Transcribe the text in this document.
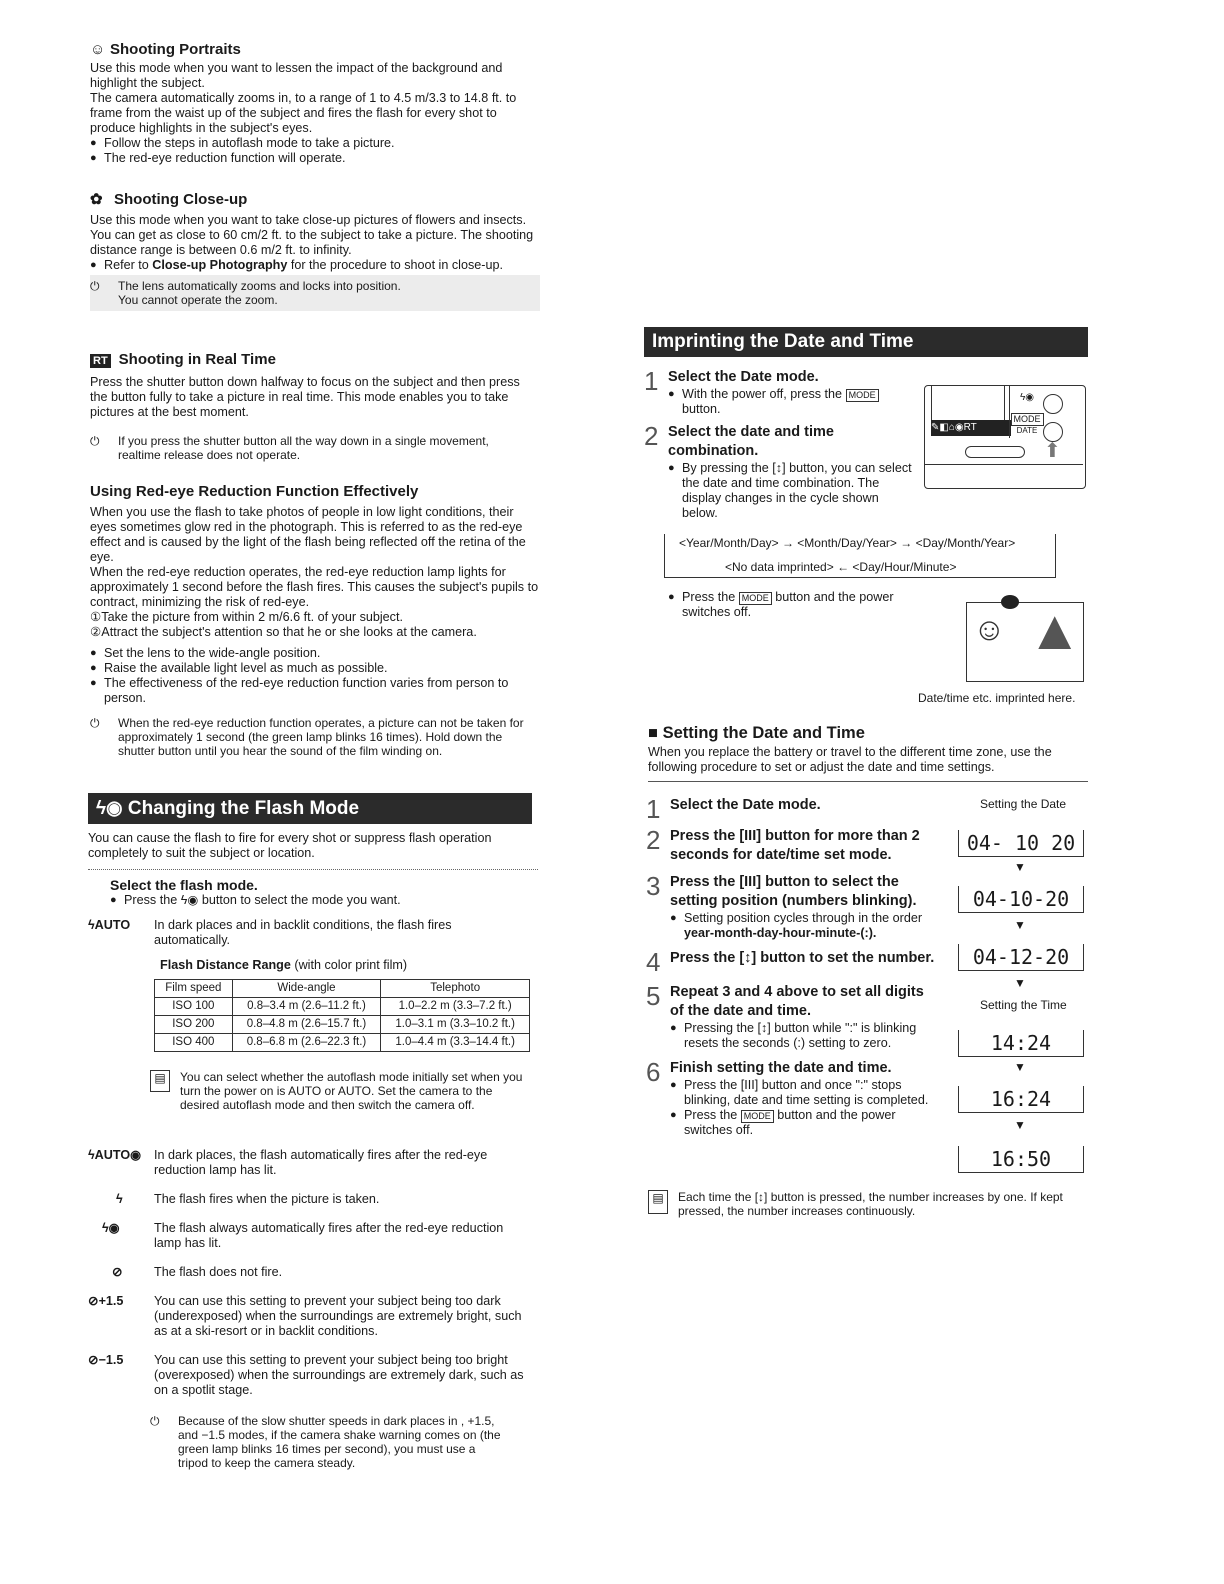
☺ Shooting Portraits

Use this mode when you want to lessen the impact of the background and highlight the subject.

The camera automatically zooms in, to a range of 1 to 4.5 m/3.3 to 14.8 ft. to frame from the waist up of the subject and fires the flash for every shot to produce highlights in the subject's eyes.

● Follow the steps in autoflash mode to take a picture.
● The red-eye reduction function will operate.
✿ Shooting Close-up

Use this mode when you want to take close-up pictures of flowers and insects.

You can get as close to 60 cm/2 ft. to the subject to take a picture. The shooting distance range is between 0.6 m/2 ft. to infinity.

● Refer to Close-up Photography for the procedure to shoot in close-up.
⏻	The lens automatically zooms and locks into position.
You cannot operate the zoom.
RT Shooting in Real Time

Press the shutter button down halfway to focus on the subject and then press the button fully to take a picture in real time. This mode enables you to take pictures at the best moment.

⏻	If you press the shutter button all the way down in a single movement, realtime release does not operate.
Using Red-eye Reduction Function Effectively

When you use the flash to take photos of people in low light conditions, their eyes sometimes glow red in the photograph. This is referred to as the red-eye effect and is caused by the light of the flash being reflected off the retina of the eye.

When the red-eye reduction operates, the red-eye reduction lamp lights for approximately 1 second before the flash fires. This causes the subject's pupils to contract, minimizing the risk of red-eye.

①Take the picture from within 2 m/6.6 ft. of your subject.

②Attract the subject's attention so that he or she looks at the camera.

● Set the lens to the wide-angle position.
● Raise the available light level as much as possible.
● The effectiveness of the red-eye reduction function varies from person to person.
⏻	When the red-eye reduction function operates, a picture can not be taken for approximately 1 second (the green lamp blinks 16 times). Hold down the shutter button until you hear the sound of the film winding on.
ϟ◉ Changing the Flash Mode

You can cause the flash to fire for every shot or suppress flash operation completely to suit the subject or location.

Select the flash mode.
● Press the ϟ◉ button to select the mode you want.
ϟAUTO	In dark places and in backlit conditions, the flash fires automatically.
Flash Distance Range (with color print film)
Film speed	Wide-angle	Telephoto
ISO 100	0.8–3.4 m (2.6–11.2 ft.)	1.0–2.2 m (3.3–7.2 ft.)
ISO 200	0.8–4.8 m (2.6–15.7 ft.)	1.0–3.1 m (3.3–10.2 ft.)
ISO 400	0.8–6.8 m (2.6–22.3 ft.)	1.0–4.4 m (3.3–14.4 ft.)
▤	You can select whether the autoflash mode initially set when you turn the power on is AUTO or AUTO. Set the camera to the desired autoflash mode and then switch the camera off.
ϟAUTO◉	In dark places, the flash automatically fires after the red-eye reduction lamp has lit.
ϟ	The flash fires when the picture is taken.
ϟ◉	The flash always automatically fires after the red-eye reduction lamp has lit.
⊘	The flash does not fire.
⊘+1.5	You can use this setting to prevent your subject being too dark (underexposed) when the surroundings are extremely bright, such as at a ski-resort or in backlit conditions.
⊘−1.5	You can use this setting to prevent your subject being too bright (overexposed) when the surroundings are extremely dark, such as on a spotlit stage.
⏻	Because of the slow shutter speeds in dark places in , +1.5, and −1.5 modes, if the camera shake warning comes on (the green lamp blinks 16 times per second), you must use a tripod to keep the camera steady.
Imprinting the Date and Time
1 Select the Date mode.
● With the power off, press the MODE button.
2 Select the date and time combination.
● By pressing the [↕] button, you can select the date and time combination. The display changes in the cycle shown below.
✎◧⌂◉RT
ϟ◉
MODE
DATE
⬆
<Year/Month/Day> → <Month/Day/Year> → <Day/Month/Year>
<No data imprinted> ← <Day/Hour/Minute>
● Press the MODE button and the power switches off.	☺ ▲
Date/time etc. imprinted here.
■ Setting the Date and Time

When you replace the battery or travel to the different time zone, use the following procedure to set or adjust the date and time settings.

1 Select the Date mode.
2 Press the [III] button for more than 2 seconds for date/time set mode.
3 Press the [III] button to select the setting position (numbers blinking).
● Setting position cycles through in the order year-month-day-hour-minute-(:).
4 Press the [↕] button to set the number.
5 Repeat 3 and 4 above to set all digits of the date and time.
● Pressing the [↕] button while ":" is blinking resets the seconds (:) setting to zero.
6 Finish setting the date and time.
● Press the [III] button and once ":" stops blinking, date and time setting is completed.
● Press the MODE button and the power switches off.
Setting the Date
04- 10 20
▼
04-10-20
▼
04-12-20
▼
Setting the Time
14:24
▼
16:24
▼
16:50
▤	Each time the [↕] button is pressed, the number increases by one. If kept pressed, the number increases continuously.
